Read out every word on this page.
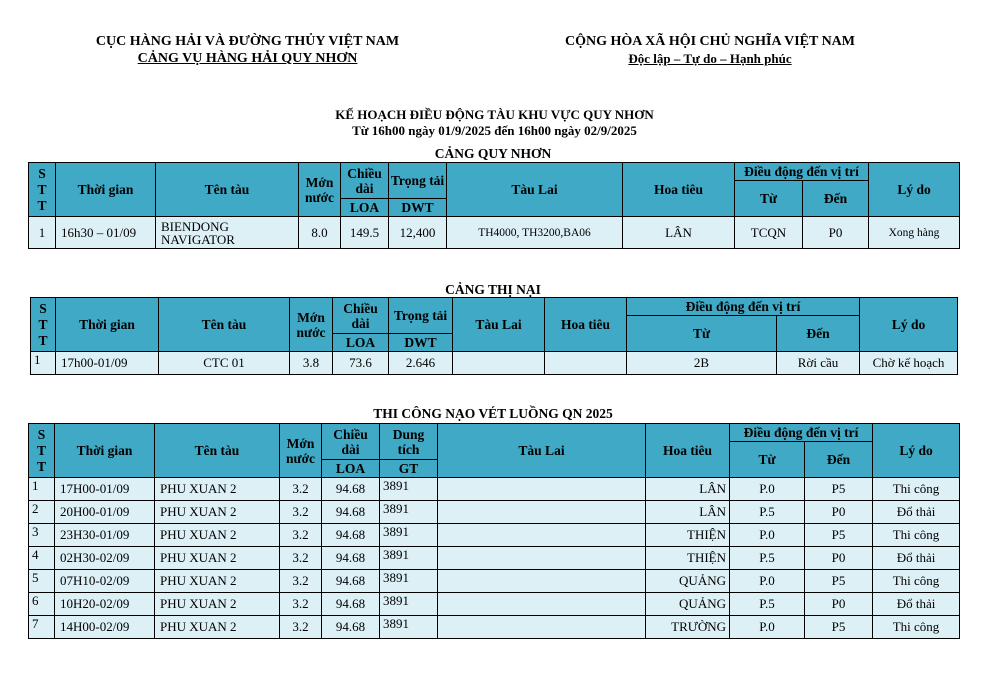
CỤC HÀNG HẢI VÀ ĐƯỜNG THỦY VIỆT NAM
CẢNG VỤ HÀNG HẢI QUY NHƠN
CỘNG HÒA XÃ HỘI CHỦ NGHĨA VIỆT NAM
Độc lập – Tự do – Hạnh phúc
KẾ HOẠCH ĐIỀU ĐỘNG TÀU KHU VỰC QUY NHƠN
Từ 16h00 ngày 01/9/2025 đến 16h00 ngày 02/9/2025
CẢNG QUY NHƠN
S
T
T	Thời gian	Tên tàu	Mớn
nước	Chiều
dài	Trọng tải	Tàu Lai	Hoa tiêu	Điều động đến vị trí		Lý do
								Từ	Đến	
				LOA	DWT					
1	16h30 – 01/09	BIENDONG
NAVIGATOR	8.0	149.5	12,400	TH4000, TH3200,BA06	LÂN	TCQN	P0	Xong hàng
CẢNG THỊ NẠI
S
T
T	Thời gian	Tên tàu	Mớn
nước	Chiều
dài	Trọng tải	Tàu Lai	Hoa tiêu	Điều động đến vị trí		Lý do
								Từ	Đến	
				LOA	DWT					
1	17h00-01/09	CTC 01	3.8	73.6	2.646			2B	Rời cầu	Chờ kế hoạch
THI CÔNG NẠO VÉT LUỒNG QN 2025
S
T
T	Thời gian	Tên tàu	Mớn
nước	Chiều
dài	Dung
tích	Tàu Lai	Hoa tiêu	Điều động đến vị trí		Lý do
								Từ	Đến	
				LOA	GT					
1	17H00-01/09	PHU XUAN 2	3.2	94.68	3891		LÂN	P.0	P5	Thi công
2	20H00-01/09	PHU XUAN 2	3.2	94.68	3891		LÂN	P.5	P0	Đổ thải
3	23H30-01/09	PHU XUAN 2	3.2	94.68	3891		THIỆN	P.0	P5	Thi công
4	02H30-02/09	PHU XUAN 2	3.2	94.68	3891		THIỆN	P.5	P0	Đổ thải
5	07H10-02/09	PHU XUAN 2	3.2	94.68	3891		QUẢNG	P.0	P5	Thi công
6	10H20-02/09	PHU XUAN 2	3.2	94.68	3891		QUẢNG	P.5	P0	Đổ thải
7	14H00-02/09	PHU XUAN 2	3.2	94.68	3891		TRƯỜNG	P.0	P5	Thi công
